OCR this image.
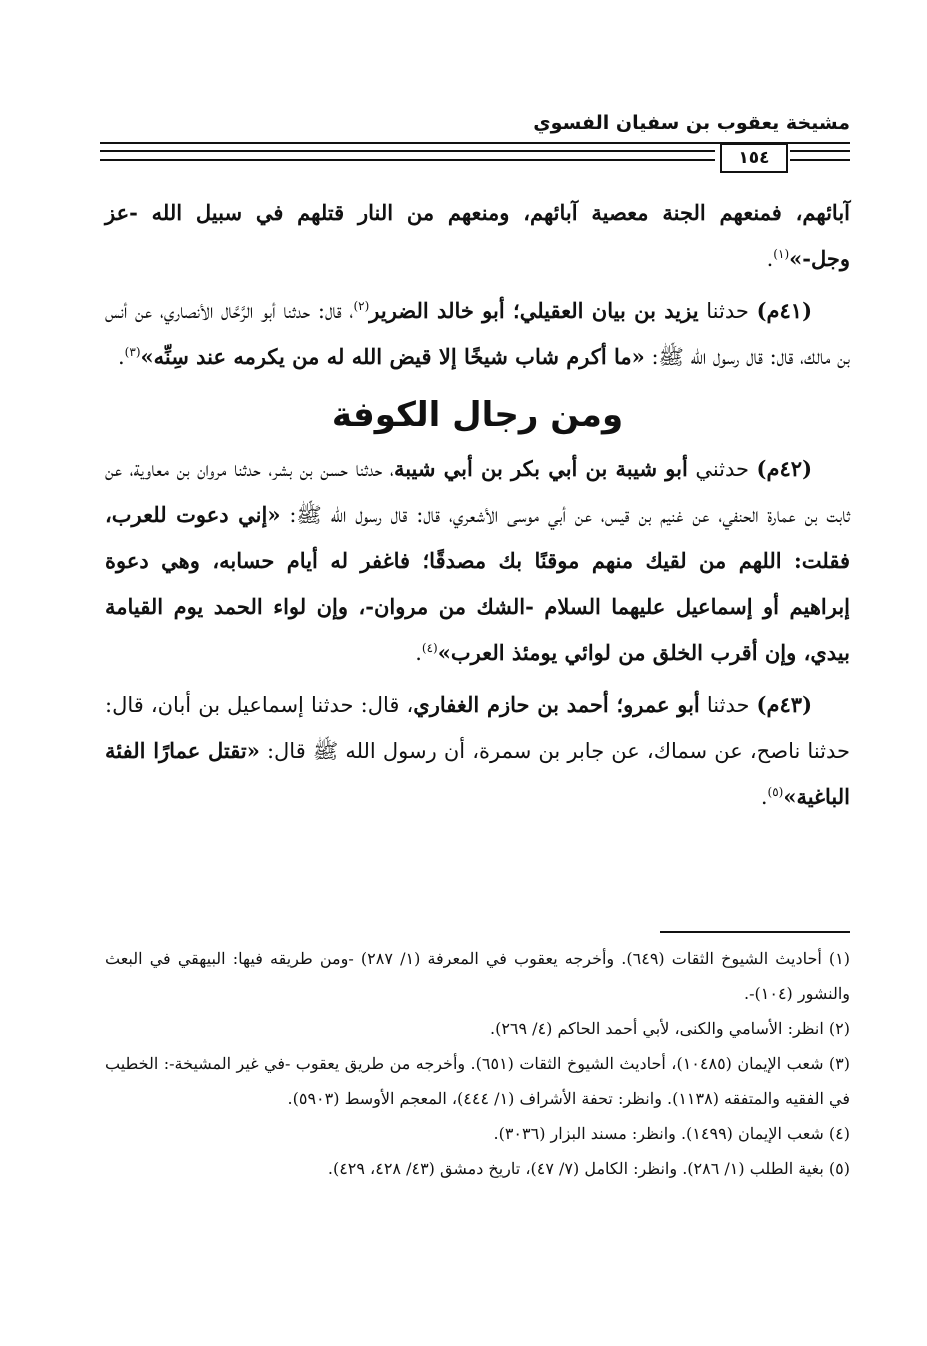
مشيخة يعقوب بن سفيان الفسوي
١٥٤

آبائهم، فمنعهم الجنة معصية آبائهم، ومنعهم من النار قتلهم في سبيل الله -عز وجل-»$^{(١)}$.

(٤١م) حدثنا يزيد بن بيان العقيلي؛ أبو خالد الضرير$^{(٢)}$، قال: حدثنا أبو الرَّحَّال الأنصاري، عن أنس بن مالك، قال: قال رسول الله ﷺ: «ما أكرم شاب شيخًا إلا قيض الله له من يكرمه عند سِنِّه»$^{(٣)}$.

ومن رجال الكوفة

(٤٢م) حدثني أبو شيبة بن أبي بكر بن أبي شيبة، حدثنا حسن بن بشر، حدثنا مروان بن معاوية، عن ثابت بن عمارة الحنفي، عن غنيم بن قيس، عن أبي موسى الأشعري، قال: قال رسول الله ﷺ: «إني دعوت للعرب، فقلت: اللهم من لقيك منهم موقنًا بك مصدقًا؛ فاغفر له أيام حسابه، وهي دعوة إبراهيم أو إسماعيل عليهما السلام -الشك من مروان-، وإن لواء الحمد يوم القيامة بيدي، وإن أقرب الخلق من لوائي يومئذ العرب»$^{(٤)}$.

(٤٣م) حدثنا أبو عمرو؛ أحمد بن حازم الغفاري، قال: حدثنا إسماعيل بن أبان، قال: حدثنا ناصح، عن سماك، عن جابر بن سمرة، أن رسول الله ﷺ قال: «تقتل عمارًا الفئة الباغية»$^{(٥)}$.

(١) أحاديث الشيوخ الثقات (٦٤٩). وأخرجه يعقوب في المعرفة (١/ ٢٨٧) -ومن طريقه فيها: البيهقي في البعث والنشور (١٠٤)-.

(٢) انظر: الأسامي والكنى، لأبي أحمد الحاكم (٤/ ٢٦٩).

(٣) شعب الإيمان (١٠٤٨٥)، أحاديث الشيوخ الثقات (٦٥١). وأخرجه من طريق يعقوب -في غير المشيخة-: الخطيب في الفقيه والمتفقه (١١٣٨). وانظر: تحفة الأشراف (١/ ٤٤٤)، المعجم الأوسط (٥٩٠٣).

(٤) شعب الإيمان (١٤٩٩). وانظر: مسند البزار (٣٠٣٦).

(٥) بغية الطلب (١/ ٢٨٦). وانظر: الكامل (٧/ ٤٧)، تاريخ دمشق (٤٣/ ٤٢٨، ٤٢٩).
